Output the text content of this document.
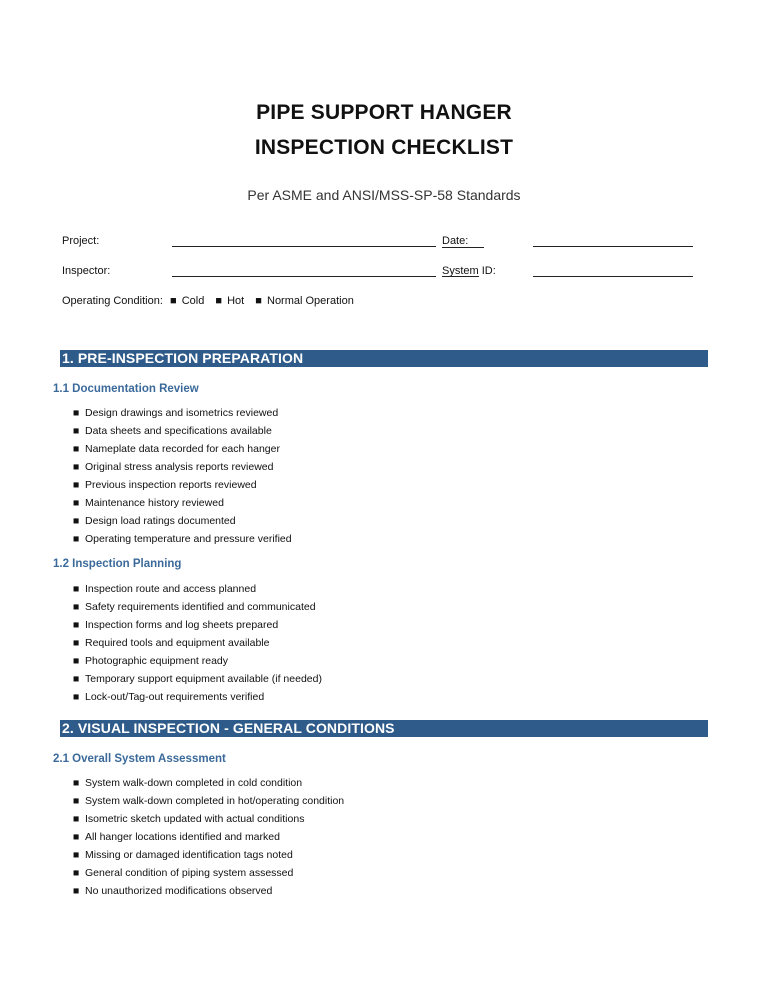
PIPE SUPPORT HANGER
INSPECTION CHECKLIST
Per ASME and ANSI/MSS-SP-58 Standards
Project:	Date:
Inspector:	System ID:
Operating Condition: ■ Cold ■ Hot ■ Normal Operation
1. PRE-INSPECTION PREPARATION
1.1 Documentation Review
■ Design drawings and isometrics reviewed
■ Data sheets and specifications available
■ Nameplate data recorded for each hanger
■ Original stress analysis reports reviewed
■ Previous inspection reports reviewed
■ Maintenance history reviewed
■ Design load ratings documented
■ Operating temperature and pressure verified
1.2 Inspection Planning
■ Inspection route and access planned
■ Safety requirements identified and communicated
■ Inspection forms and log sheets prepared
■ Required tools and equipment available
■ Photographic equipment ready
■ Temporary support equipment available (if needed)
■ Lock-out/Tag-out requirements verified
2. VISUAL INSPECTION - GENERAL CONDITIONS
2.1 Overall System Assessment
■ System walk-down completed in cold condition
■ System walk-down completed in hot/operating condition
■ Isometric sketch updated with actual conditions
■ All hanger locations identified and marked
■ Missing or damaged identification tags noted
■ General condition of piping system assessed
■ No unauthorized modifications observed
